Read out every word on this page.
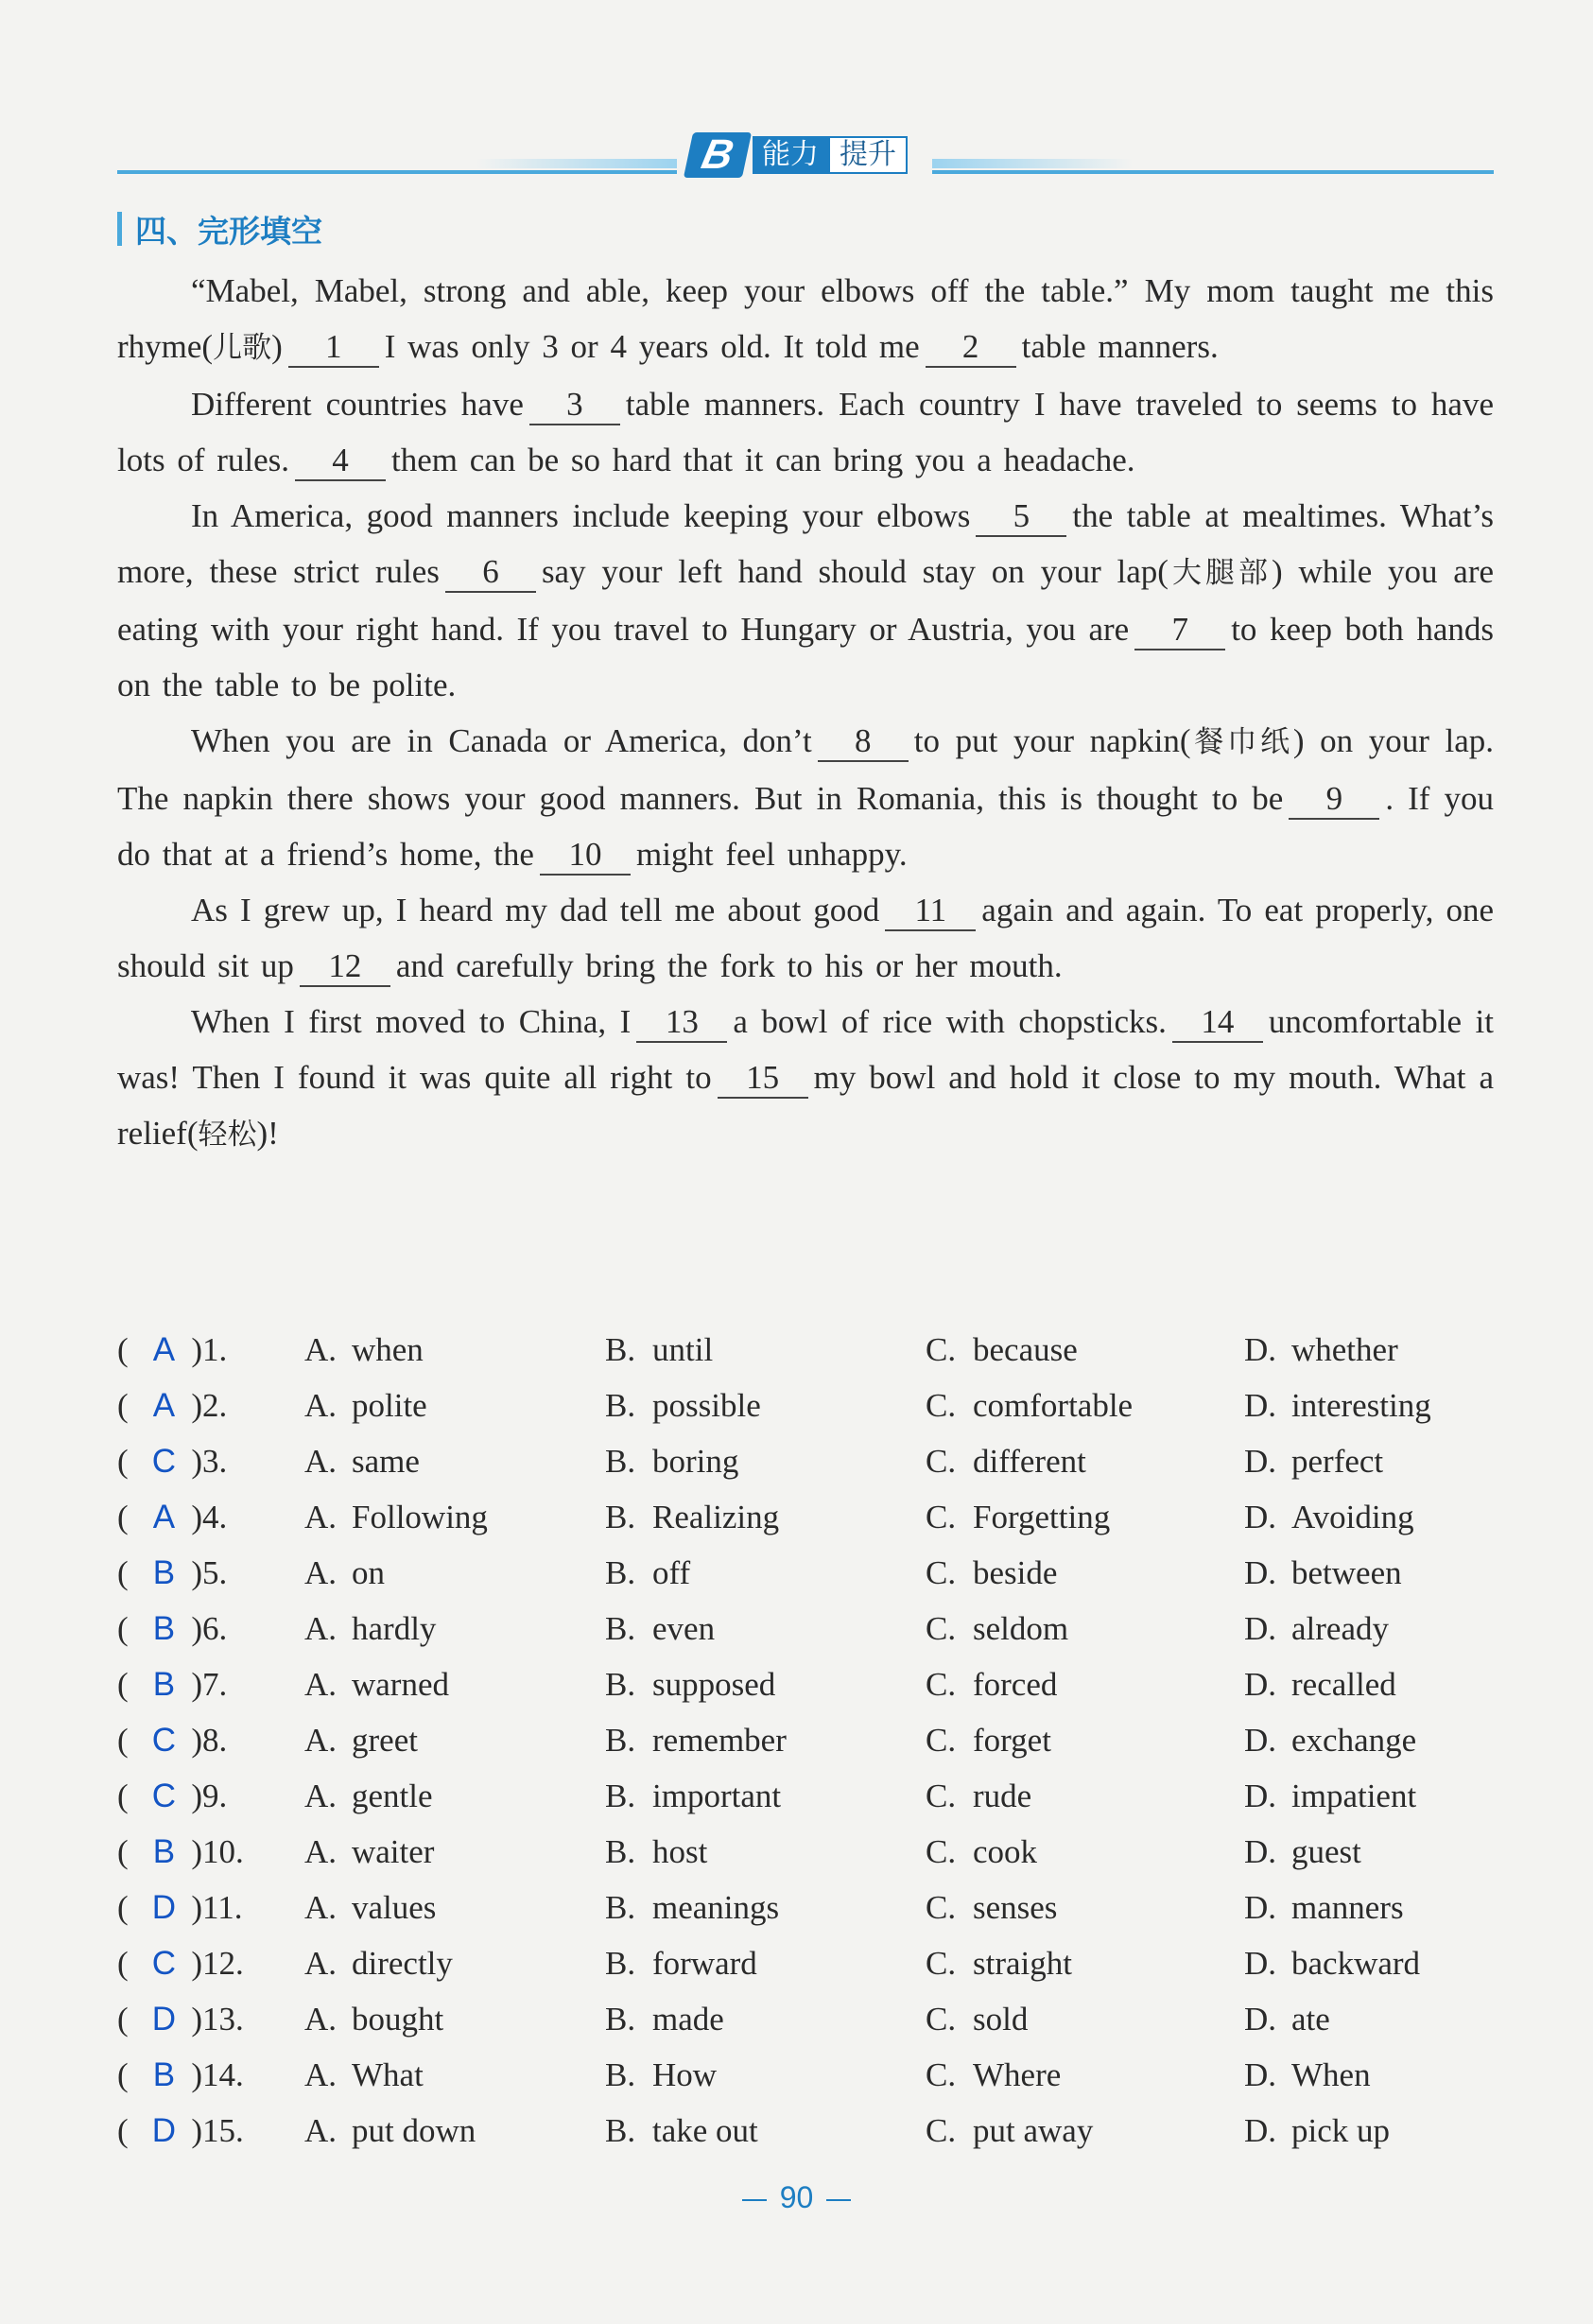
B 能力 提升
四、完形填空

“Mabel, Mabel, strong and able, keep your elbows off the table.” My mom taught me this rhyme(儿歌) 1 I was only 3 or 4 years old. It told me 2 table manners.

Different countries have 3 table manners. Each country I have traveled to seems to have lots of rules. 4 them can be so hard that it can bring you a headache.

In America, good manners include keeping your elbows 5 the table at mealtimes. What’s more, these strict rules 6 say your left hand should stay on your lap(大腿部) while you are eating with your right hand. If you travel to Hungary or Austria, you are 7 to keep both hands on the table to be polite.

When you are in Canada or America, don’t 8 to put your napkin(餐巾纸) on your lap. The napkin there shows your good manners. But in Romania, this is thought to be 9 . If you do that at a friend’s home, the 10 might feel unhappy.

As I grew up, I heard my dad tell me about good 11 again and again. To eat properly, one should sit up 12 and carefully bring the fork to his or her mouth.

When I first moved to China, I 13 a bowl of rice with chopsticks. 14 uncomfortable it was! Then I found it was quite all right to 15 my bowl and hold it close to my mouth. What a relief(轻松)!

( A )1. A. when	B. until	C. because	D. whether
( A )2. A. polite	B. possible	C. comfortable	D. interesting
( C )3. A. same	B. boring	C. different	D. perfect
( A )4. A. Following	B. Realizing	C. Forgetting	D. Avoiding
( B )5. A. on	B. off	C. beside	D. between
( B )6. A. hardly	B. even	C. seldom	D. already
( B )7. A. warned	B. supposed	C. forced	D. recalled
( C )8. A. greet	B. remember	C. forget	D. exchange
( C )9. A. gentle	B. important	C. rude	D. impatient
( B )10. A. waiter	B. host	C. cook	D. guest
( D )11. A. values	B. meanings	C. senses	D. manners
( C )12. A. directly	B. forward	C. straight	D. backward
( D )13. A. bought	B. made	C. sold	D. ate
( B )14. A. What	B. How	C. Where	D. When
( D )15. A. put down	B. take out	C. put away	D. pick up
90
